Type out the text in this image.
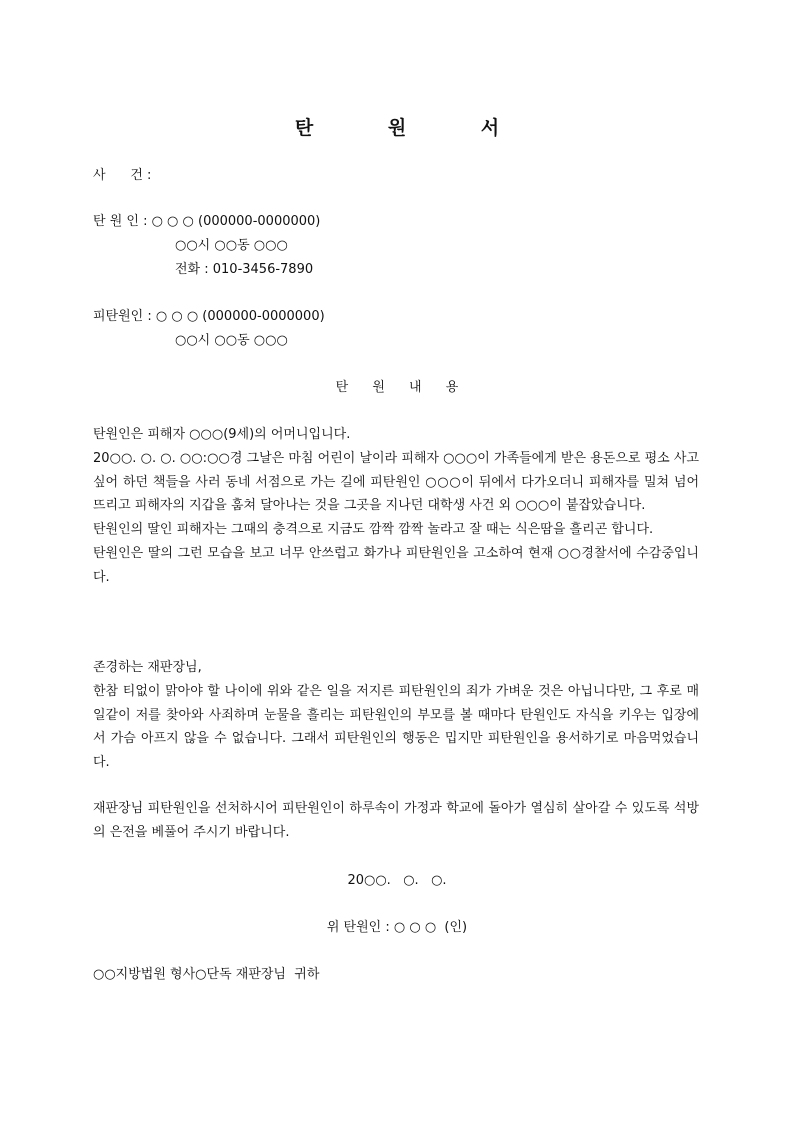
탄 원 서
사      건 :
탄 원 인 : ○ ○ ○ (000000-0000000)
○○시 ○○동 ○○○
전화 : 010-3456-7890
피탄원인 : ○ ○ ○ (000000-0000000)
○○시 ○○동 ○○○
탄 원 내 용

탄원인은 피해자 ○○○(9세)의 어머니입니다.

20○○. ○. ○. ○○:○○경 그날은 마침 어린이 날이라 피해자 ○○○이 가족들에게 받은 용돈으로 평소 사고 싶어 하던 책들을 사러 동네 서점으로 가는 길에 피탄원인 ○○○이 뒤에서 다가오더니 피해자를 밀쳐 넘어뜨리고 피해자의 지갑을 훔쳐 달아나는 것을 그곳을 지나던 대학생 사건 외 ○○○이 붙잡았습니다.

탄원인의 딸인 피해자는 그때의 충격으로 지금도 깜짝 깜짝 놀라고 잘 때는 식은땀을 흘리곤 합니다.

탄원인은 딸의 그런 모습을 보고 너무 안쓰럽고 화가나 피탄원인을 고소하여 현재 ○○경찰서에 수감중입니다.

존경하는 재판장님,

한참 티없이 맑아야 할 나이에 위와 같은 일을 저지른 피탄원인의 죄가 가벼운 것은 아닙니다만, 그 후로 매일같이 저를 찾아와 사죄하며 눈물을 흘리는 피탄원인의 부모를 볼 때마다 탄원인도 자식을 키우는 입장에서 가슴 아프지 않을 수 없습니다. 그래서 피탄원인의 행동은 밉지만 피탄원인을 용서하기로 마음먹었습니다.

재판장님 피탄원인을 선처하시어 피탄원인이 하루속이 가정과 학교에 돌아가 열심히 살아갈 수 있도록 석방의 은전을 베풀어 주시기 바랍니다.

20○○.   ○.   ○.
위 탄원인 : ○ ○ ○  (인)
○○지방법원 형사○단독 재판장님  귀하
